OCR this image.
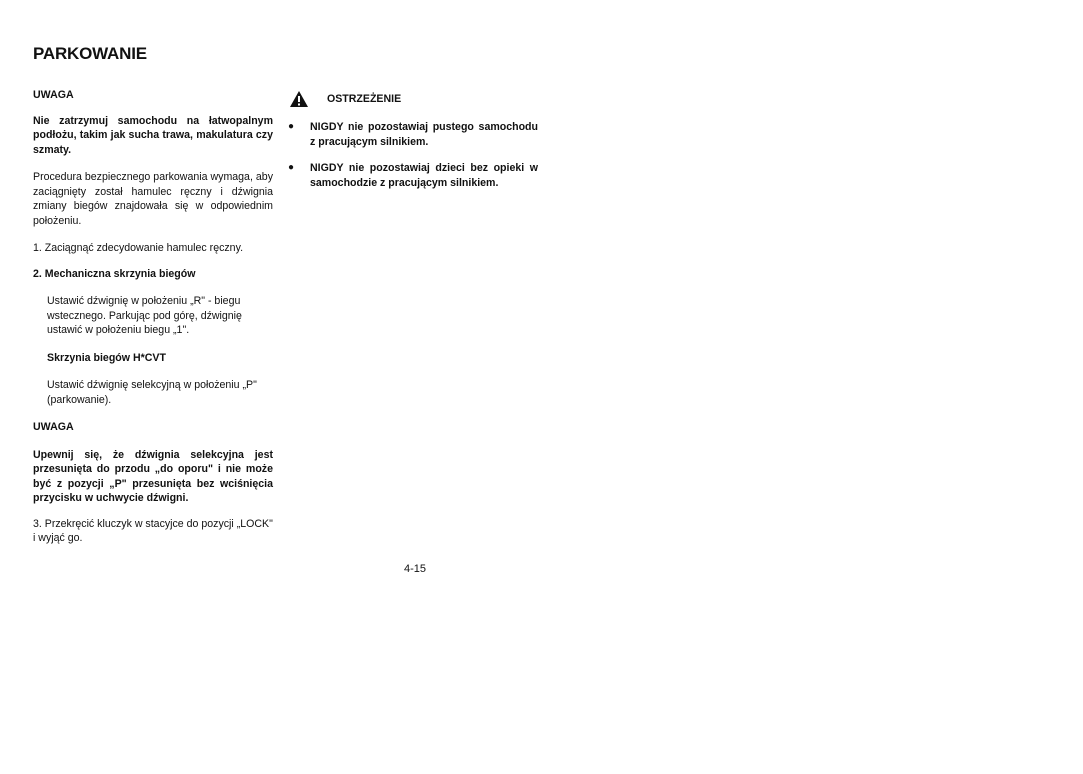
PARKOWANIE
UWAGA

Nie zatrzymuj samochodu na łatwopalnym podłożu, takim jak sucha trawa, makulatura czy szmaty.

Procedura bezpiecznego parkowania wymaga, aby zaciągnięty został hamulec ręczny i dźwignia zmiany biegów znajdowała się w odpowiednim położeniu.

1. Zaciągnąć zdecydowanie hamulec ręczny.

2. Mechaniczna skrzynia biegów

Ustawić dźwignię w położeniu „R" - biegu wstecznego. Parkując pod górę, dźwignię ustawić w położeniu biegu „1".

Skrzynia biegów H*CVT

Ustawić dźwignię selekcyjną w położeniu „P" (parkowanie).

UWAGA

Upewnij się, że dźwignia selekcyjna jest przesunięta do przodu „do oporu" i nie może być z pozycji „P" przesunięta bez wciśnięcia przycisku w uchwycie dźwigni.

3. Przekręcić kluczyk w stacyjce do pozycji „LOCK" i wyjąć go.

OSTRZEŻENIE
●	NIGDY nie pozostawiaj pustego samochodu z pracującym silnikiem.
●	NIGDY nie pozostawiaj dzieci bez opieki w samochodzie z pracującym silnikiem.
4-15
